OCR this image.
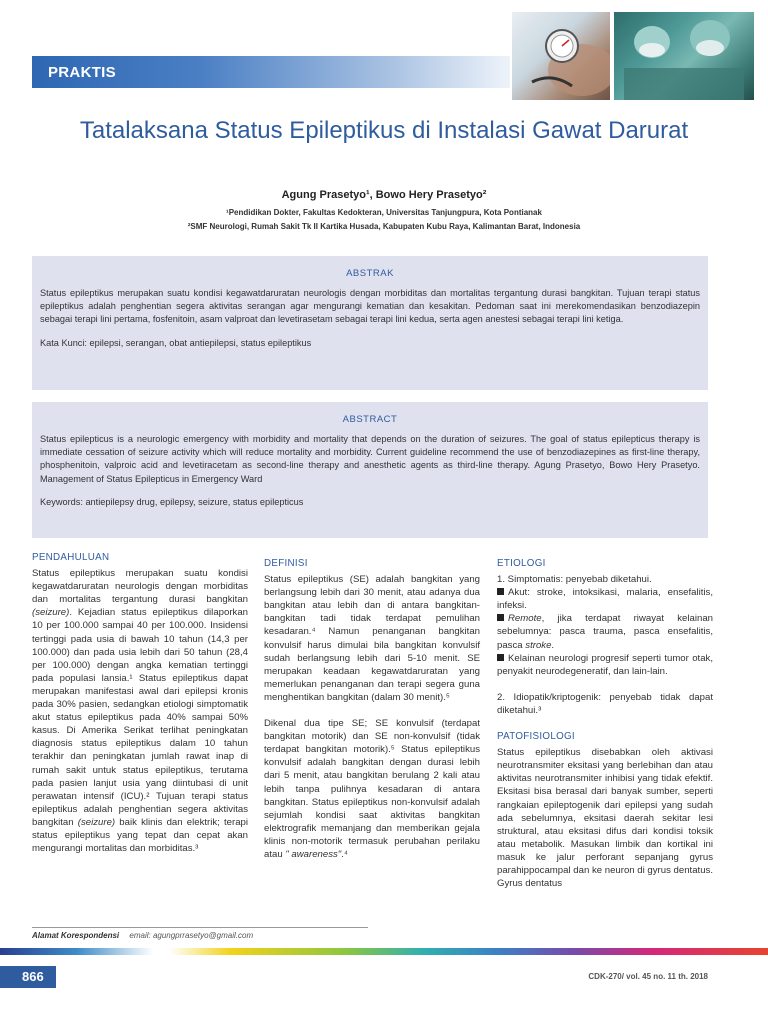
PRAKTIS
Tatalaksana Status Epileptikus di Instalasi Gawat Darurat
Agung Prasetyo¹, Bowo Hery Prasetyo²
¹Pendidikan Dokter, Fakultas Kedokteran, Universitas Tanjungpura, Kota Pontianak
²SMF Neurologi, Rumah Sakit Tk II Kartika Husada, Kabupaten Kubu Raya, Kalimantan Barat, Indonesia
ABSTRAK
Status epileptikus merupakan suatu kondisi kegawatdaruratan neurologis dengan morbiditas dan mortalitas tergantung durasi bangkitan. Tujuan terapi status epileptikus adalah penghentian segera aktivitas serangan agar mengurangi kematian dan kesakitan. Pedoman saat ini merekomendasikan benzodiazepin sebagai terapi lini pertama, fosfenitoin, asam valproat dan levetirasetam sebagai terapi lini kedua, serta agen anestesi sebagai terapi lini ketiga.
Kata Kunci: epilepsi, serangan, obat antiepilepsi, status epileptikus
ABSTRACT
Status epilepticus is a neurologic emergency with morbidity and mortality that depends on the duration of seizures. The goal of status epilepticus therapy is immediate cessation of seizure activity which will reduce mortality and morbidity. Current guideline recommend the use of benzodiazepines as first-line therapy, phosphenitoin, valproic acid and levetiracetam as second-line therapy and anesthetic agents as third-line therapy. Agung Prasetyo, Bowo Hery Prasetyo. Management of Status Epilepticus in Emergency Ward
Keywords: antiepilepsy drug, epilepsy, seizure, status epilepticus
PENDAHULUAN

Status epileptikus merupakan suatu kondisi kegawatdaruratan neurologis dengan morbiditas dan mortalitas tergantung durasi bangkitan (seizure). Kejadian status epileptikus dilaporkan 10 per 100.000 sampai 40 per 100.000. Insidensi tertinggi pada usia di bawah 10 tahun (14,3 per 100.000) dan pada usia lebih dari 50 tahun (28,4 per 100.000) dengan angka kematian tertinggi pada populasi lansia.¹ Status epileptikus dapat merupakan manifestasi awal dari epilepsi kronis pada 30% pasien, sedangkan etiologi simptomatik akut status epileptikus pada 40% sampai 50% kasus. Di Amerika Serikat terlihat peningkatan diagnosis status epileptikus dalam 10 tahun terakhir dan peningkatan jumlah rawat inap di rumah sakit untuk status epileptikus, terutama pada pasien lanjut usia yang diintubasi di unit perawatan intensif (ICU).² Tujuan terapi status epileptikus adalah penghentian segera aktivitas bangkitan (seizure) baik klinis dan elektrik; terapi status epileptikus yang tepat dan cepat akan mengurangi mortalitas dan morbiditas.³

DEFINISI

Status epileptikus (SE) adalah bangkitan yang berlangsung lebih dari 30 menit, atau adanya dua bangkitan atau lebih dan di antara bangkitan-bangkitan tadi tidak terdapat pemulihan kesadaran.⁴ Namun penanganan bangkitan konvulsif harus dimulai bila bangkitan konvulsif sudah berlangsung lebih dari 5-10 menit. SE merupakan keadaan kegawatdaruratan yang memerlukan penanganan dan terapi segera guna menghentikan bangkitan (dalam 30 menit).⁵

Dikenal dua tipe SE; SE konvulsif (terdapat bangkitan motorik) dan SE non-konvulsif (tidak terdapat bangkitan motorik).⁵ Status epileptikus konvulsif adalah bangkitan dengan durasi lebih dari 5 menit, atau bangkitan berulang 2 kali atau lebih tanpa pulihnya kesadaran di antara bangkitan. Status epileptikus non-konvulsif adalah sejumlah kondisi saat aktivitas bangkitan elektrografik memanjang dan memberikan gejala klinis non-motorik termasuk perubahan perilaku atau " awareness".⁴

ETIOLOGI

1. Simptomatis: penyebab diketahui.

Akut: stroke, intoksikasi, malaria, ensefalitis, infeksi.

Remote, jika terdapat riwayat kelainan sebelumnya: pasca trauma, pasca ensefalitis, pasca stroke.

Kelainan neurologi progresif seperti tumor otak, penyakit neurodegeneratif, dan lain-lain.

2. Idiopatik/kriptogenik: penyebab tidak dapat diketahui.³

PATOFISIOLOGI

Status epileptikus disebabkan oleh aktivasi neurotransmiter eksitasi yang berlebihan dan atau aktivitas neurotransmiter inhibisi yang tidak efektif. Eksitasi bisa berasal dari banyak sumber, seperti rangkaian epileptogenik dari epilepsi yang sudah ada sebelumnya, eksitasi daerah sekitar lesi struktural, atau eksitasi difus dari kondisi toksik atau metabolik. Masukan limbik dan kortikal ini masuk ke jalur perforant sepanjang gyrus parahippocampal dan ke neuron di gyrus dentatus. Gyrus dentatus

Alamat Korespondensi email: agungprrasetyo@gmail.com
866	CDK-270/ vol. 45 no. 11 th. 2018
